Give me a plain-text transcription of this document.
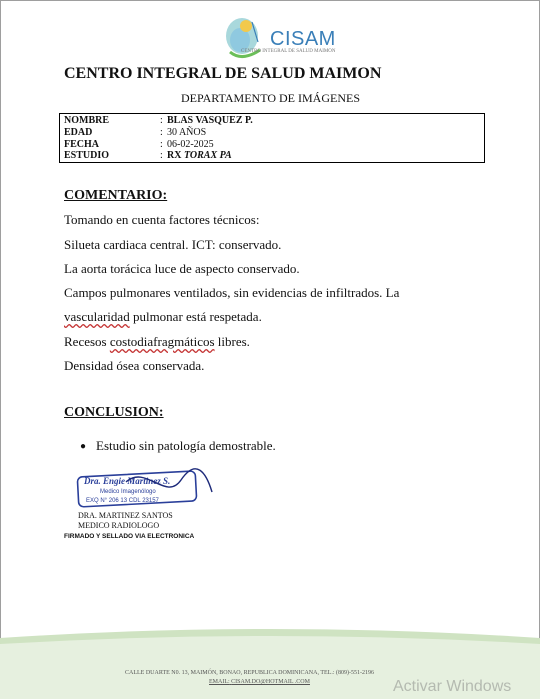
CISAM
CENTRO INTEGRAL DE SALUD MAIMON
CENTRO INTEGRAL DE SALUD MAIMON
DEPARTAMENTO DE IMÁGENES
NOMBRE	: BLAS VASQUEZ P.
EDAD	: 30 AÑOS
FECHA	: 06-02-2025
ESTUDIO	: RX TORAX PA
COMENTARIO:
Tomando en cuenta factores técnicos:
Silueta cardiaca central. ICT: conservado.
La aorta torácica luce de aspecto conservado.
Campos pulmonares ventilados, sin evidencias de infiltrados. La
vascularidad pulmonar está respetada.
Recesos costodiafragmáticos libres.
Densidad ósea conservada.
CONCLUSION:
● Estudio sin patología demostrable.
Dra. Engie Martinez S.
Medico Imagenólogo
EXQ N° 206 13 CDL 23157
DRA. MARTINEZ SANTOS
MEDICO RADIOLOGO
FIRMADO Y SELLADO VIA ELECTRONICA
CALLE DUARTE N0. 13, MAIMÓN, BONAO, REPUBLICA DOMINICANA, TEL.: (809)-551-2196
EMAIL: CISAM.DO@HOTMAIL .COM	Activar Windows
